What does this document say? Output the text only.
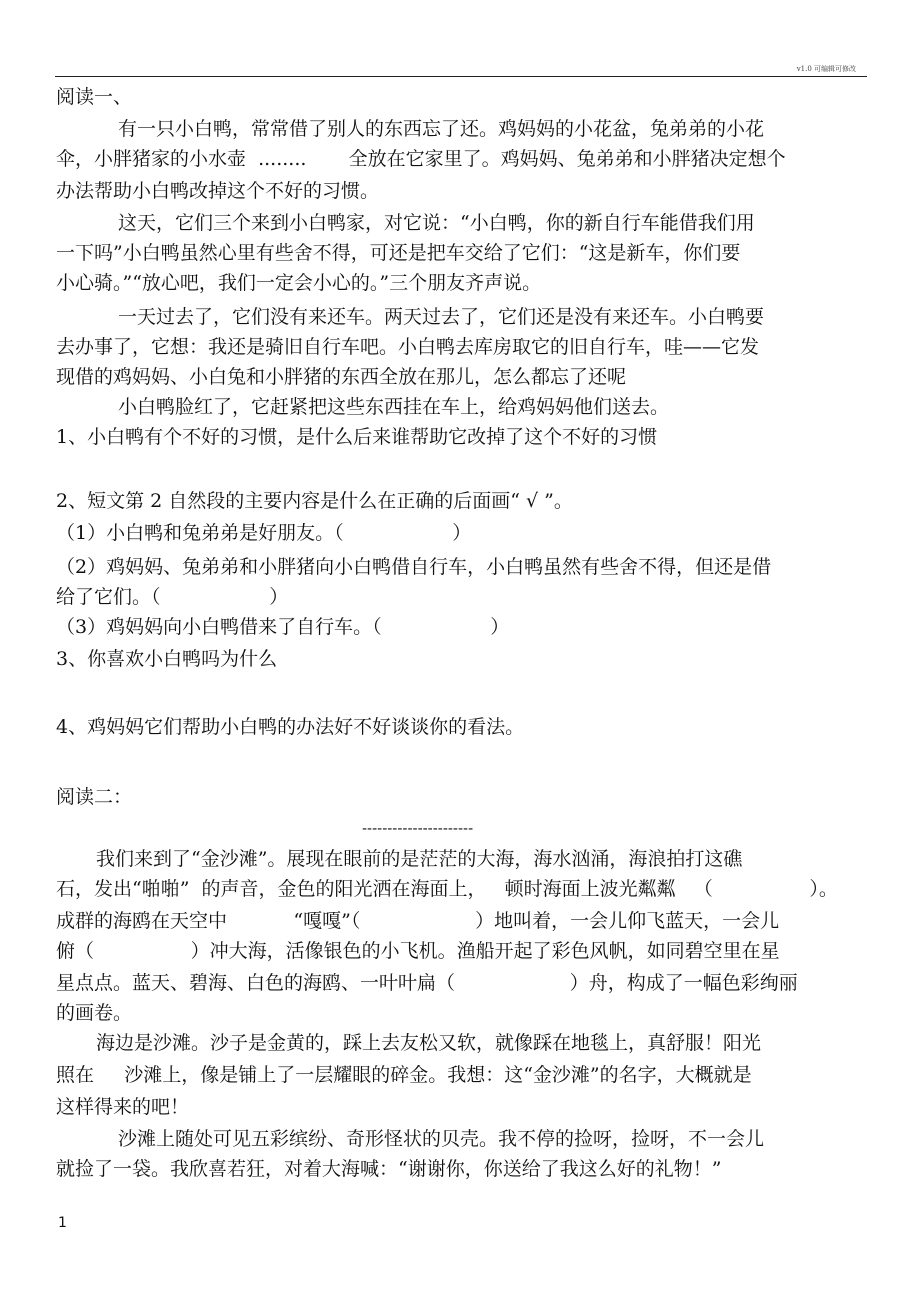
v1.0 可编辑可修改
阅读一、
有一只小白鸭，常常借了别人的东西忘了还。鸡妈妈的小花盆，兔弟弟的小花
伞，小胖猪家的小水壶  ........       全放在它家里了。鸡妈妈、兔弟弟和小胖猪决定想个
办法帮助小白鸭改掉这个不好的习惯。
这天，它们三个来到小白鸭家，对它说：“小白鸭，你的新自行车能借我们用
一下吗”小白鸭虽然心里有些舍不得，可还是把车交给了它们：“这是新车，你们要
小心骑。”“放心吧，我们一定会小心的。”三个朋友齐声说。
一天过去了，它们没有来还车。两天过去了，它们还是没有来还车。小白鸭要
去办事了，它想：我还是骑旧自行车吧。小白鸭去库房取它的旧自行车，哇——它发
现借的鸡妈妈、小白兔和小胖猪的东西全放在那儿，怎么都忘了还呢
小白鸭脸红了，它赶紧把这些东西挂在车上，给鸡妈妈他们送去。
1、小白鸭有个不好的习惯，是什么后来谁帮助它改掉了这个不好的习惯
2、短文第 2 自然段的主要内容是什么在正确的后面画“ √ ”。
（1）小白鸭和兔弟弟是好朋友。（                  ）
（2）鸡妈妈、兔弟弟和小胖猪向小白鸭借自行车，小白鸭虽然有些舍不得，但还是借
给了它们。（                  ）
（3）鸡妈妈向小白鸭借来了自行车。（                  ）
3、你喜欢小白鸭吗为什么
4、鸡妈妈它们帮助小白鸭的办法好不好谈谈你的看法。
阅读二：
----------------------
我们来到了“金沙滩”。展现在眼前的是茫茫的大海，海水汹涌，海浪拍打这礁
石，发出“啪啪”  的声音，金色的阳光洒在海面上，   顿时海面上波光粼粼   （                ）。
成群的海鸥在天空中           “嘎嘎”（                   ）地叫着，一会儿仰飞蓝天，一会儿
俯（                ）冲大海，活像银色的小飞机。渔船开起了彩色风帆，如同碧空里在星
星点点。蓝天、碧海、白色的海鸥、一叶叶扁（                   ）舟，构成了一幅色彩绚丽
的画卷。
海边是沙滩。沙子是金黄的，踩上去友松又软，就像踩在地毯上，真舒服！阳光
照在     沙滩上，像是铺上了一层耀眼的碎金。我想：这“金沙滩”的名字，大概就是
这样得来的吧！
沙滩上随处可见五彩缤纷、奇形怪状的贝壳。我不停的捡呀，捡呀，不一会儿
就捡了一袋。我欣喜若狂，对着大海喊：“谢谢你，你送给了我这么好的礼物！”
1
